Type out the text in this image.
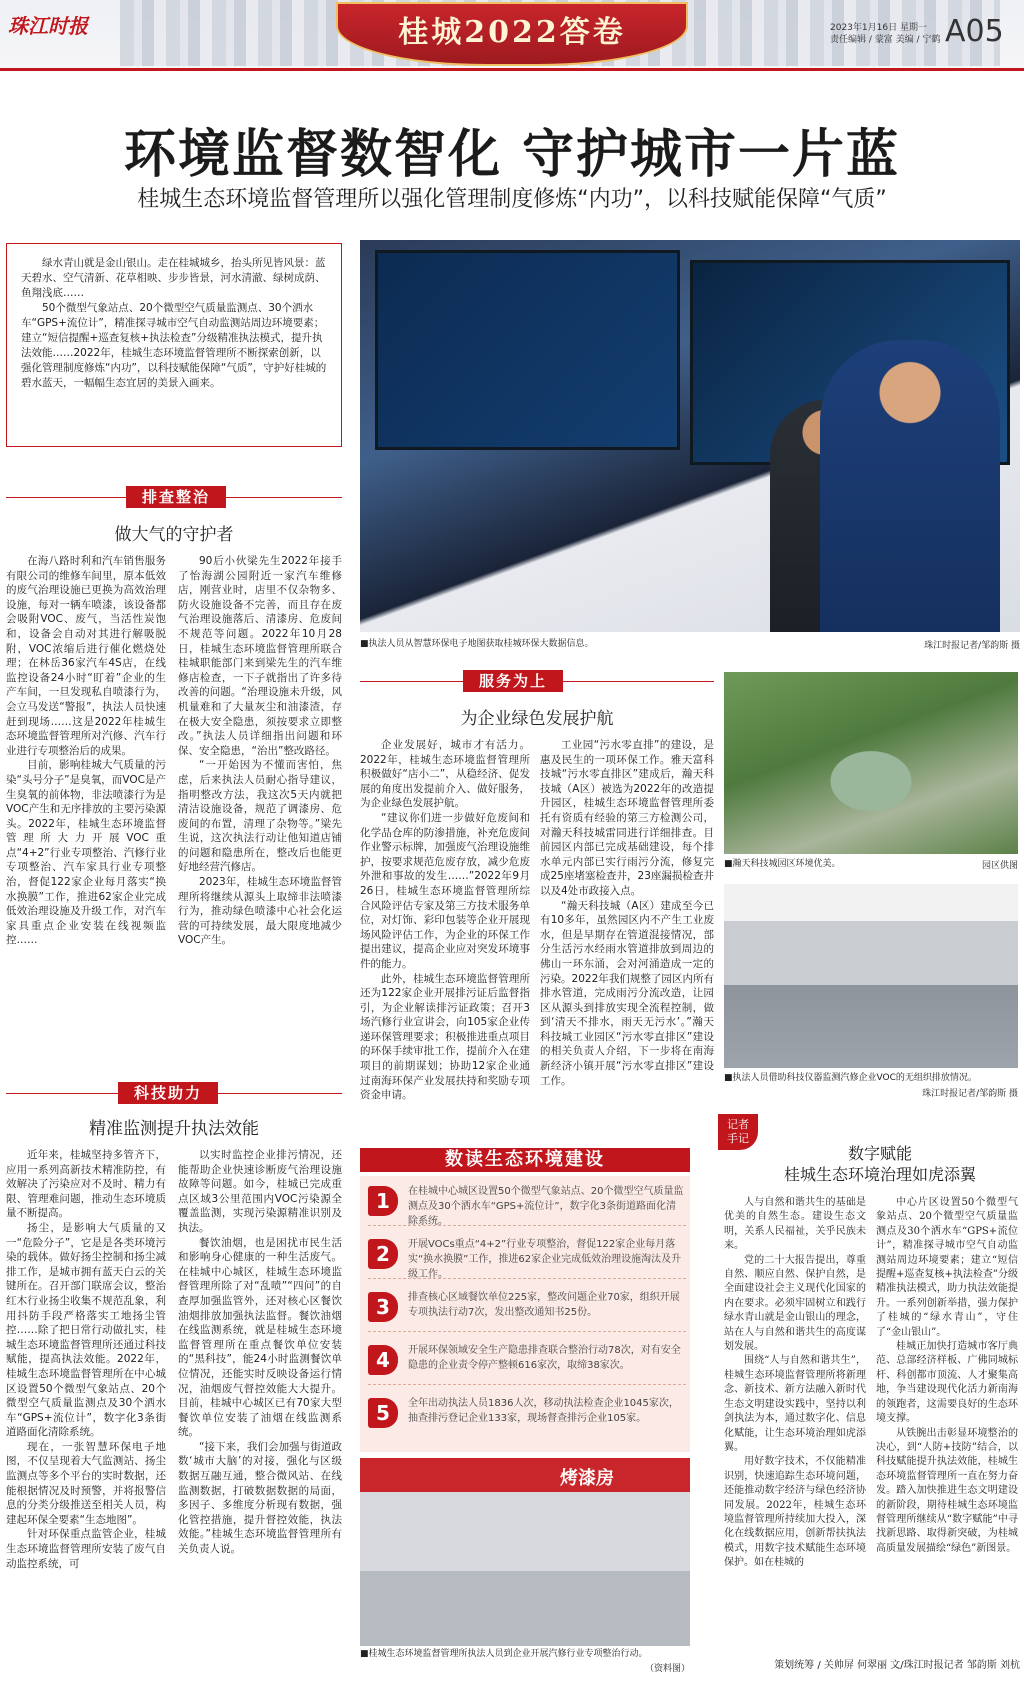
珠江时报	桂城2022答卷	2023年1月16日 星期一
责任编辑 / 蒙富 美编 / 宁鹤 A05
环境监督数智化 守护城市一片蓝
桂城生态环境监督管理所以强化管理制度修炼“内功”，以科技赋能保障“气质”

绿水青山就是金山银山。走在桂城城乡，抬头所见皆风景：蓝天碧水、空气清新、花草相映、步步皆景，河水清澈、绿树成荫、鱼翔浅底……

50个微型气象站点、20个微型空气质量监测点、30个洒水车“GPS+流位计”，精准探寻城市空气自动监测站周边环境要素；建立“短信提醒+巡查复核+执法检查”分级精准执法模式，提升执法效能……2022年，桂城生态环境监督管理所不断探索创新，以强化管理制度修炼“内功”，以科技赋能保障“气质”，守护好桂城的碧水蓝天，一幅幅生态宜居的美景入画来。

■执法人员从智慧环保电子地图获取桂城环保大数据信息。	珠江时报记者/邹韵斯 摄
排查整治
做大气的守护者

在海八路时利和汽车销售服务有限公司的维修车间里，原本低效的废气治理设施已更换为高效治理设施，每对一辆车喷漆，该设备都会吸附VOC、废气，当活性炭饱和，设备会自动对其进行解吸脱附，VOC浓缩后进行催化燃烧处理；在林岳36家汽车4S店，在线监控设备24小时“盯着”企业的生产车间，一旦发现私自喷漆行为，会立马发送“警报”，执法人员快速赶到现场……这是2022年桂城生态环境监督管理所对汽修、汽车行业进行专项整治后的成果。

目前，影响桂城大气质量的污染“头号分子”是臭氧，而VOC是产生臭氧的前体物，非法喷漆行为是VOC产生和无序排放的主要污染源头。2022年，桂城生态环境监督管理所大力开展VOC重点“4+2”行业专项整治、汽修行业专项整治、汽车家具行业专项整治，督促122家企业每月落实“换水换膜”工作，推进62家企业完成低效治理设施及升级工作，对汽车家具重点企业安装在线视频监控……

90后小伙梁先生2022年接手了怡海湖公园附近一家汽车维修店，刚营业时，店里不仅杂物多、防火设施设备不完善，而且存在废气治理设施落后、清漆房、危废间不规范等问题。2022年10月28日，桂城生态环境监督管理所联合桂城职能部门来到梁先生的汽车维修店检查，一下子就指出了许多待改善的问题。“治理设施未升级，风机量难和了大量灰尘和油漆渣，存在极大安全隐患，须按要求立即整改。”执法人员详细指出问题和环保、安全隐患，“治出”整改路径。

“一开始因为不懂而害怕，焦虑，后来执法人员耐心指导建议，指明整改方法，我这次5天内就把清洁设施设备，规范了调漆房、危废间的布置，清理了杂物等。”梁先生说，这次执法行动让他知道店铺的问题和隐患所在，整改后也能更好地经营汽修店。

2023年，桂城生态环境监督管理所将继续从源头上取缔非法喷漆行为，推动绿色喷漆中心社会化运营的可持续发展，最大限度地减少VOC产生。

科技助力
精准监测提升执法效能

近年来，桂城坚持多管齐下，应用一系列高新技术精准防控，有效解决了污染应对不及时、精力有限、管理难问题，推动生态环境质量不断提高。

扬尘，是影响大气质量的又一“危险分子”，它是是各类环境污染的载体。做好扬尘控制和扬尘减排工作，是城市拥有蓝天白云的关键所在。召开部门联席会议，整治红木行业扬尘收集不规范乱象，利用抖防手段严格落实工地扬尘管控……除了把日常行动做扎实，桂城生态环境监督管理所还通过科技赋能，提高执法效能。2022年，桂城生态环境监督管理所在中心城区设置50个微型气象站点、20个微型空气质量监测点及30个洒水车“GPS+流位计”，数字化3条街道路面化清除系统。

现在，一张智慧环保电子地图，不仅呈现着大气监测站、扬尘监测点等多个平台的实时数据，还能根据情况及时预警，并将报警信息的分类分级推送至相关人员，构建起环保全要素“生态地图”。

针对环保重点监管企业，桂城生态环境监督管理所安装了废气自动监控系统，可

以实时监控企业排污情况，还能帮助企业快速诊断废气治理设施故障等问题。如今，桂城已完成重点区域3公里范围内VOC污染源全覆盖监测，实现污染源精准识别及执法。

餐饮油烟，也是困扰市民生活和影响身心健康的一种生活废气。在桂城中心城区，桂城生态环境监督管理所除了对“乱喷”“四问”的自查厚加强监管外，还对核心区餐饮油烟排放加强执法监督。餐饮油烟在线监测系统，就是桂城生态环境监督管理所在重点餐饮单位安装的“黑科技”，能24小时监测餐饮单位情况，还能实时反映设备运行情况，油烟废气督控效能大大提升。目前，桂城中心城区已有70家大型餐饮单位安装了油烟在线监测系统。

“接下来，我们会加强与街道政数‘城市大脑’的对接，强化与区级数据互融互通，整合微风站、在线监测数据，打破数据数据的局面，多因子、多维度分析现有数据，强化管控措施，提升督控效能，执法效能。”桂城生态环境监督管理所有关负责人说。

服务为上
为企业绿色发展护航

企业发展好，城市才有活力。2022年，桂城生态环境监督管理所积极做好“店小二”，从稳经济、促发展的角度出发提前介入、做好服务，为企业绿色发展护航。

“建议你们进一步做好危废间和化学品仓库的防渗措施，补充危废间作业警示标牌，加强废气治理设施维护，按要求规范危废存放，减少危废外泄和事故的发生……”2022年9月26日，桂城生态环境监督管理所综合风险评估专家及第三方技术服务单位，对灯饰、彩印包装等企业开展现场风险评估工作，为企业的环保工作提出建议，提高企业应对突发环境事件的能力。

此外，桂城生态环境监督管理所还为122家企业开展排污证后监督指引，为企业解读排污证政策；召开3场汽修行业宣讲会，向105家企业传递环保管理要求；积极推进重点项目的环保手续审批工作，提前介入在建项目的前期谋划；协助12家企业通过南海环保产业发展扶持和奖励专项资金申请。

工业园“污水零直排”的建设，是惠及民生的一项环保工作。雅天富科技城“污水零直排区”建成后，瀚天科技城（A区）被选为2022年的改造提升园区，桂城生态环境监督管理所委托有资质有经验的第三方检测公司，对瀚天科技城雷同进行详细排查。目前园区内部已完成基础建设，每个排水单元内部已实行雨污分流，修复完成25座堵塞检查井，23座漏损检查井以及4处市政接入点。

“瀚天科技城（A区）建成至今已有10多年，虽然园区内不产生工业废水，但是早期存在管道混接情况，部分生活污水经雨水管道排放到周边的佛山一环东涌，会对河涌造成一定的污染。2022年我们规整了园区内所有排水管道，完成雨污分流改造，让园区从源头到排放实现全流程控制，做到‘清天不排水，雨天无污水’。”瀚天科技城工业园区“污水零直排区”建设的相关负责人介绍，下一步将在南海新经济小镇开展“污水零直排区”建设工作。

■瀚天科技城园区环境优美。	园区供图
■执法人员借助科技仪器监测汽修企业VOC的无组织排放情况。
珠江时报记者/邹韵斯 摄
数读生态环境建设
1	在桂城中心城区设置50个微型气象站点、20个微型空气质量监测点及30个洒水车“GPS+流位计”，数字化3条街道路面化清除系统。
2	开展VOCs重点“4+2”行业专项整治，督促122家企业每月落实“换水换膜”工作，推进62家企业完成低效治理设施淘汰及升级工作。
3	排查核心区域餐饮单位225家，整改问题企业70家，组织开展专项执法行动7次，发出整改通知书25份。
4	开展环保领域安全生产隐患排查联合整治行动78次，对有安全隐患的企业责令停产整顿616家次，取缔38家次。
5	全年出动执法人员1836人次，移动执法检查企业1045家次，抽查排污登记企业133家，现场督查排污企业105家。
烤漆房
■桂城生态环境监督管理所执法人员到企业开展汽修行业专项整治行动。
（资料图）
记者
手记
数字赋能
桂城生态环境治理如虎添翼

人与自然和谐共生的基础是优美的自然生态。建设生态文明，关系人民福祉，关乎民族未来。

党的二十大报告提出，尊重自然、顺应自然、保护自然，是全面建设社会主义现代化国家的内在要求。必须牢固树立和践行绿水青山就是金山银山的理念，站在人与自然和谐共生的高度谋划发展。

围绕“人与自然和谐共生”，桂城生态环境监督管理所将新理念、新技术、新方法融入新时代生态文明建设实践中，坚持以利剑执法为本，通过数字化、信息化赋能，让生态环境治理如虎添翼。

用好数字技术，不仅能精准识别，快速追踪生态环境问题，还能推动数字经济与绿色经济协同发展。2022年，桂城生态环境监督管理所持续加大投入，深化在线数据应用，创新帮扶执法模式，用数字技术赋能生态环境保护。如在桂城的

中心片区设置50个微型气象站点、20个微型空气质量监测点及30个洒水车“GPS+流位计”，精准探寻城市空气自动监测站周边环境要素；建立“短信提醒+巡查复核+执法检查”分级精准执法模式，助力执法效能提升。一系列创新举措，强力保护了桂城的“绿水青山”，守住了“金山银山”。

桂城正加快打造城市客厅典范、总部经济样板、广佛同城标杆、科创都市顶流、人才聚集高地，争当建设现代化活力新南海的领跑者，这需要良好的生态环境支撑。

从铁腕出击彰显环境整治的决心，到“人防+技防”结合，以科技赋能提升执法效能，桂城生态环境监督管理所一直在努力奋发。踏入加快推进生态文明建设的新阶段，期待桂城生态环境监督管理所继续从“数字赋能”中寻找新思路、取得新突破，为桂城高质量发展描绘“绿色”新图景。

策划统筹 / 关帅屏 何翠丽 文/珠江时报记者 邹韵斯 刘杭
